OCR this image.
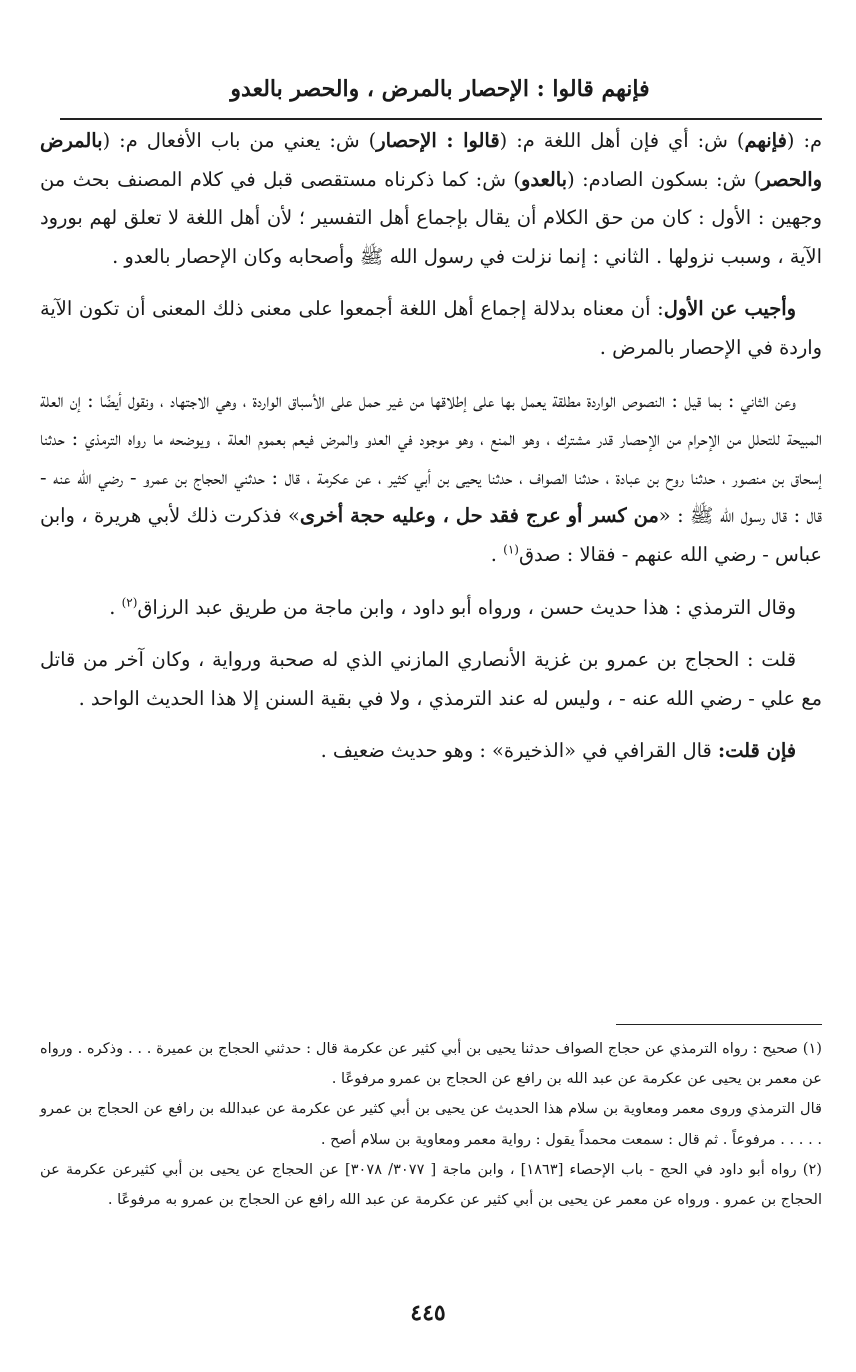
فإنهم قالوا : الإحصار بالمرض ، والحصر بالعدو

م: (فإنهم) ش: أي فإن أهل اللغة م: (قالوا : الإحصار) ش: يعني من باب الأفعال م: (بالمرض والحصر) ش: بسكون الصادم: (بالعدو) ش: كما ذكرناه مستقصى قبل في كلام المصنف بحث من وجهين : الأول : كان من حق الكلام أن يقال بإجماع أهل التفسير ؛ لأن أهل اللغة لا تعلق لهم بورود الآية ، وسبب نزولها . الثاني : إنما نزلت في رسول الله ﷺ وأصحابه وكان الإحصار بالعدو .

وأجيب عن الأول: أن معناه بدلالة إجماع أهل اللغة أجمعوا على معنى ذلك المعنى أن تكون الآية واردة في الإحصار بالمرض .

وعن الثاني : بما قيل : النصوص الواردة مطلقة يعمل بها على إطلاقها من غير حمل على الأسباق الواردة ، وهي الاجتهاد ، ونقول أيضًا : إن العلة المبيحة للتحلل من الإحرام من الإحصار قدر مشترك ، وهو المنع ، وهو موجود في العدو والمرض فيعم بعموم العلة ، ويوضحه ما رواه الترمذي : حدثنا إسحاق بن منصور ، حدثنا روح بن عبادة ، حدثنا الصواف ، حدثنا يحيى بن أبي كثير ، عن عكرمة ، قال : حدثني الحجاج بن عمرو - رضي الله عنه - قال : قال رسول الله ﷺ : «من كسر أو عرج فقد حل ، وعليه حجة أخرى» فذكرت ذلك لأبي هريرة ، وابن عباس - رضي الله عنهم - فقالا : صدق$^{(١)}$ .

وقال الترمذي : هذا حديث حسن ، ورواه أبو داود ، وابن ماجة من طريق عبد الرزاق$^{(٢)}$ .

قلت : الحجاج بن عمرو بن غزية الأنصاري المازني الذي له صحبة ورواية ، وكان آخر من قاتل مع علي - رضي الله عنه - ، وليس له عند الترمذي ، ولا في بقية السنن إلا هذا الحديث الواحد .

فإن قلت: قال القرافي في «الذخيرة» : وهو حديث ضعيف .

(١) صحيح : رواه الترمذي عن حجاج الصواف حدثنا يحيى بن أبي كثير عن عكرمة قال : حدثني الحجاج بن عميرة . . . وذكره . ورواه عن معمر بن يحيى عن عكرمة عن عبد الله بن رافع عن الحجاج بن عمرو مرفوعًا .

قال الترمذي وروى معمر ومعاوية بن سلام هذا الحديث عن يحيى بن أبي كثير عن عكرمة عن عبدالله بن رافع عن الحجاج بن عمرو . . . . . مرفوعاً . ثم قال : سمعت محمداً يقول : رواية معمر ومعاوية بن سلام أصح .

(٢) رواه أبو داود في الحج - باب الإحصاء [١٨٦٣] ، وابن ماجة [ ٣٠٧٧/ ٣٠٧٨] عن الحجاج عن يحيى بن أبي كثيرعن عكرمة عن الحجاج بن عمرو . ورواه عن معمر عن يحيى بن أبي كثير عن عكرمة عن عبد الله رافع عن الحجاج بن عمرو به مرفوعًا .

٤٤٥
